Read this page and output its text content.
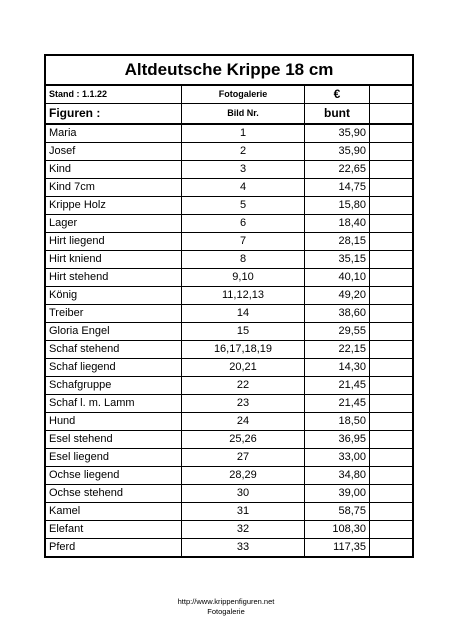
Altdeutsche Krippe 18 cm
Stand : 1.1.22	Fotogalerie	€	
Figuren :	Bild Nr.	bunt	
Maria	1	35,90	
Josef	2	35,90	
Kind	3	22,65	
Kind 7cm	4	14,75	
Krippe Holz	5	15,80	
Lager	6	18,40	
Hirt liegend	7	28,15	
Hirt kniend	8	35,15	
Hirt stehend	9,10	40,10	
König	11,12,13	49,20	
Treiber	14	38,60	
Gloria Engel	15	29,55	
Schaf stehend	16,17,18,19	22,15	
Schaf liegend	20,21	14,30	
Schafgruppe	22	21,45	
Schaf l. m. Lamm	23	21,45	
Hund	24	18,50	
Esel stehend	25,26	36,95	
Esel liegend	27	33,00	
Ochse liegend	28,29	34,80	
Ochse stehend	30	39,00	
Kamel	31	58,75	
Elefant	32	108,30	
Pferd	33	117,35	
http://www.krippenfiguren.net
Fotogalerie
